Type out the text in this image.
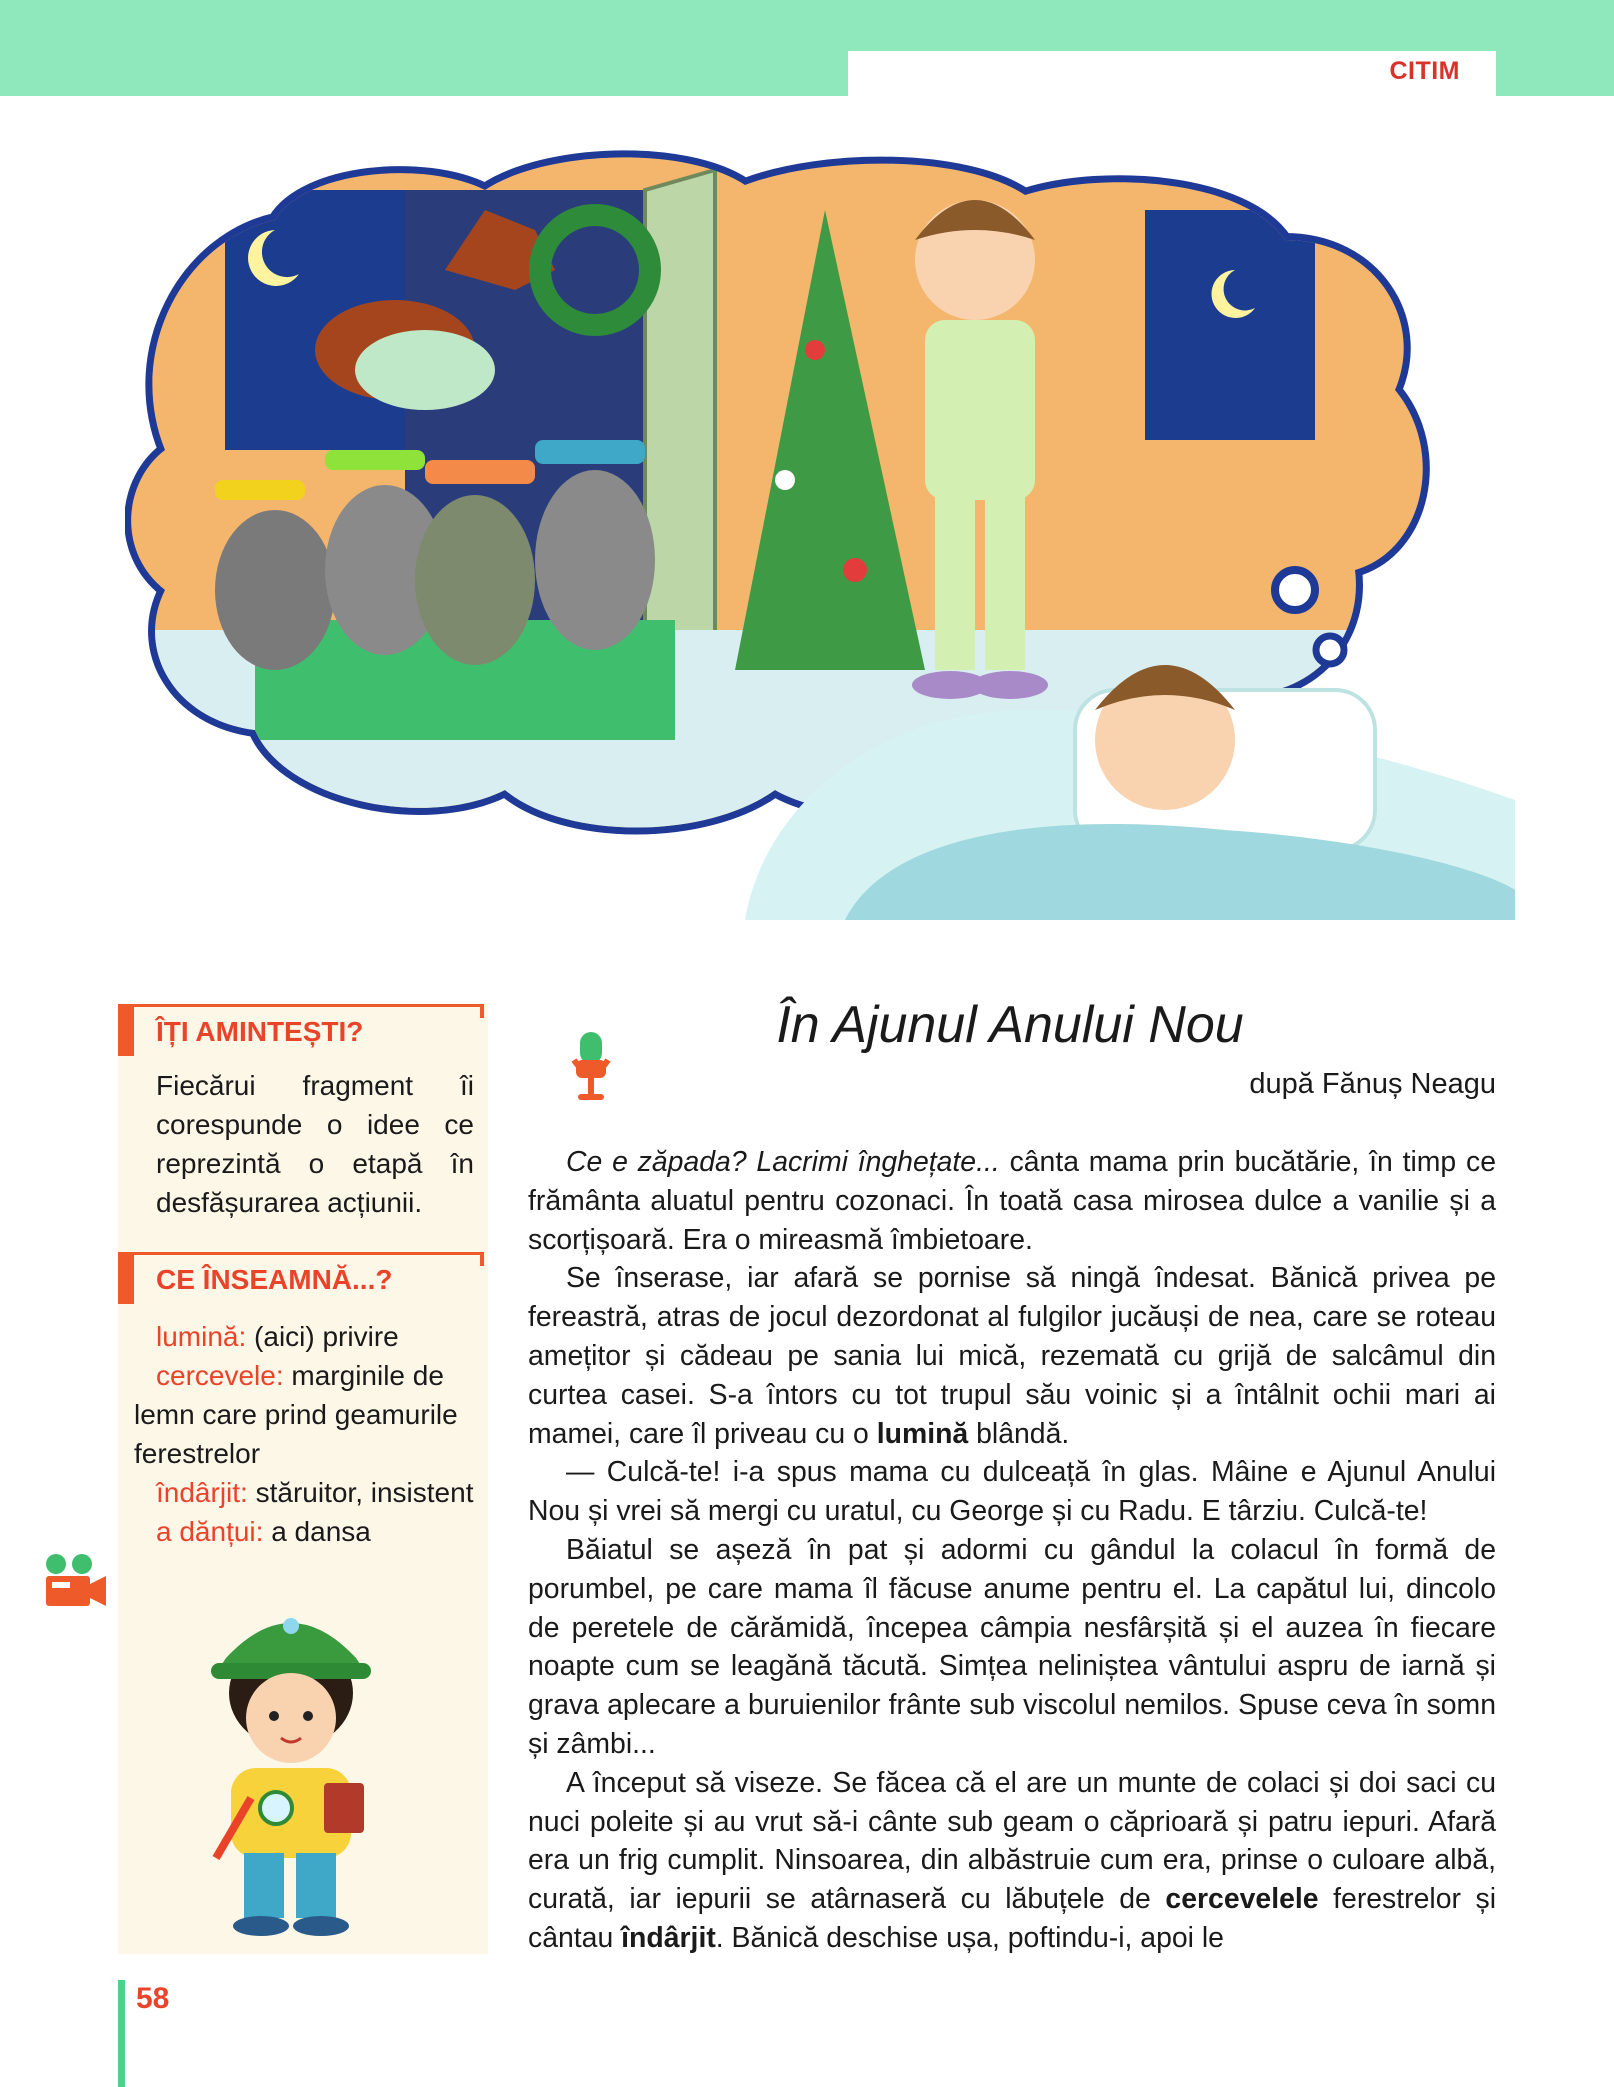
CITIM
ÎȚI AMINTEȘTI?
Fiecărui fragment îi corespunde o idee ce reprezintă o etapă în desfășurarea acțiunii.
CE ÎNSEAMNĂ...?

lumină: (aici) privire

cercevele: marginile de lemn care prind geamurile ferestrelor

îndârjit: stăruitor, insistent

a dănțui: a dansa

În Ajunul Anului Nou
după Fănuș Neagu

Ce e zăpada? Lacrimi înghețate... cânta mama prin bucătărie, în timp ce frământa aluatul pentru cozonaci. În toată casa mirosea dulce a vanilie și a scorțișoară. Era o mireasmă îmbietoare.

Se înserase, iar afară se pornise să ningă îndesat. Bănică privea pe fereastră, atras de jocul dezordonat al fulgilor jucăuși de nea, care se roteau amețitor și cădeau pe sania lui mică, rezemată cu grijă de salcâmul din curtea casei. S-a întors cu tot trupul său voinic și a întâlnit ochii mari ai mamei, care îl priveau cu o lumină blândă.

— Culcă-te! i-a spus mama cu dulceață în glas. Mâine e Ajunul Anului Nou și vrei să mergi cu uratul, cu George și cu Radu. E târziu. Culcă-te!

Băiatul se așeză în pat și adormi cu gândul la colacul în formă de porumbel, pe care mama îl făcuse anume pentru el. La capătul lui, dincolo de peretele de cărămidă, începea câmpia nesfârșită și el auzea în fiecare noapte cum se leagănă tăcută. Simțea neliniștea vântului aspru de iarnă și grava aplecare a buruienilor frânte sub viscolul nemilos. Spuse ceva în somn și zâmbi...

A început să viseze. Se făcea că el are un munte de colaci și doi saci cu nuci poleite și au vrut să-i cânte sub geam o căprioară și patru iepuri. Afară era un frig cumplit. Ninsoarea, din albăstruie cum era, prinse o culoare albă, curată, iar iepurii se atârnaseră cu lăbuțele de cercevelele ferestrelor și cântau îndârjit. Bănică deschise ușa, poftindu-i, apoi le

58
